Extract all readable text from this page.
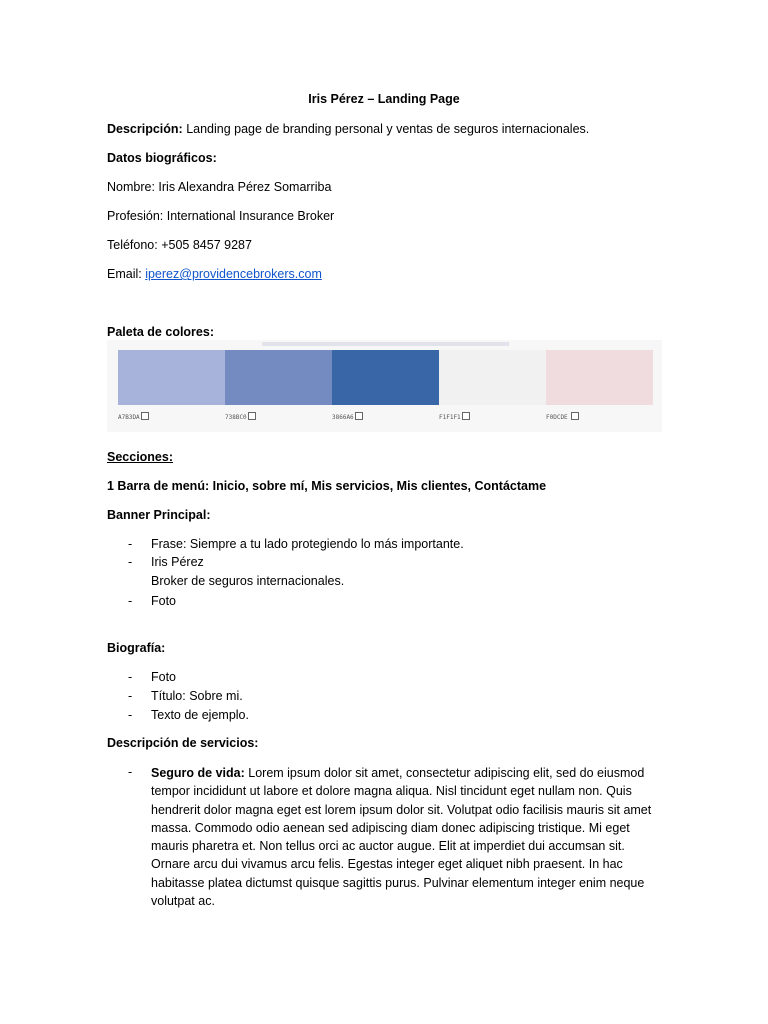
Iris Pérez – Landing Page
Descripción: Landing page de branding personal y ventas de seguros internacionales.
Datos biográficos:
Nombre: Iris Alexandra Pérez Somarriba
Profesión: International Insurance Broker
Teléfono: +505 8457 9287
Email: iperez@providencebrokers.com
Paleta de colores:
A7B3DA	738BC0	3866A6	F1F1F1	F0DCDE
Secciones:
1 Barra de menú: Inicio, sobre mí, Mis servicios, Mis clientes, Contáctame
Banner Principal:
- Frase: Siempre a tu lado protegiendo lo más importante.
- Iris Pérez
Broker de seguros internacionales.
- Foto
Biografía:
- Foto
- Título: Sobre mi.
- Texto de ejemplo.
Descripción de servicios:
- Seguro de vida: Lorem ipsum dolor sit amet, consectetur adipiscing elit, sed do eiusmod tempor incididunt ut labore et dolore magna aliqua. Nisl tincidunt eget nullam non. Quis hendrerit dolor magna eget est lorem ipsum dolor sit. Volutpat odio facilisis mauris sit amet massa. Commodo odio aenean sed adipiscing diam donec adipiscing tristique. Mi eget mauris pharetra et. Non tellus orci ac auctor augue. Elit at imperdiet dui accumsan sit. Ornare arcu dui vivamus arcu felis. Egestas integer eget aliquet nibh praesent. In hac habitasse platea dictumst quisque sagittis purus. Pulvinar elementum integer enim neque volutpat ac.
